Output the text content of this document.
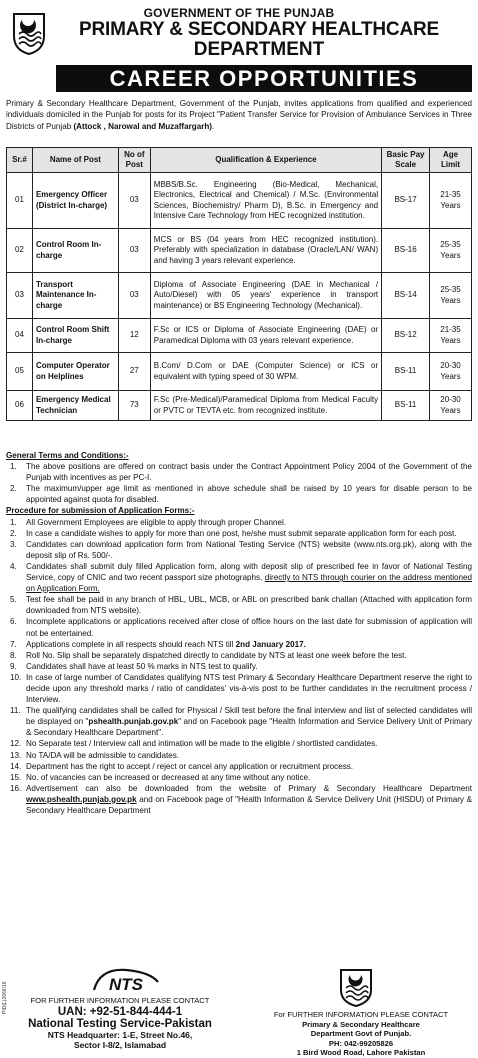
GOVERNMENT OF THE PUNJAB
PRIMARY & SECONDARY HEALTHCARE
DEPARTMENT
CAREER OPPORTUNITIES
Primary & Secondary Healthcare Department, Government of the Punjab, invites applications from qualified and experienced individuals domiciled in the Punjab for posts for its Project "Patient Transfer Service for Provision of Ambulance Services in Three Districts of Punjab (Attock , Narowal and Muzaffargarh).
Sr.#	Name of Post	No of Post	Qualification & Experience	Basic Pay Scale	Age Limit
01	Emergency Officer (District In-charge)	03	MBBS/B.Sc. Engineering (Bio-Medical, Mechanical, Electronics, Electrical and Chemical) / M.Sc. (Environmental Sciences, Biochemistry/ Pharm D), B.Sc. in Emergency and Intensive Care Technology from HEC recognized institution.	BS-17	21-35 Years
02	Control Room In-charge	03	MCS or BS (04 years from HEC recognized institution). Preferably with specialization in database (Oracle/LAN/ WAN) and having 3 years relevant experience.	BS-16	25-35 Years
03	Transport Maintenance In-charge	03	Diploma of Associate Engineering (DAE in Mechanical / Auto/Diesel) with 05 years' experience in transport maintenance) or BS Engineering Technology (Mechanical).	BS-14	25-35 Years
04	Control Room Shift In-charge	12	F.Sc or ICS or Diploma of Associate Engineering (DAE) or Paramedical Diploma with 03 years relevant experience.	BS-12	21-35 Years
05	Computer Operator on Helplines	27	B.Com/ D.Com or DAE (Computer Science) or ICS or equivalent with typing speed of 30 WPM.	BS-11	20-30 Years
06	Emergency Medical Technician	73	F.Sc (Pre-Medical)/Paramedical Diploma from Medical Faculty or PVTC or TEVTA etc. from recognized institute.	BS-11	20-30 Years
General Terms and Conditions:-
1.	The above positions are offered on contract basis under the Contract Appointment Policy 2004 of the Government of the Punjab with incentives as per PC-I.
2.	The maximum/upper age limit as mentioned in above schedule shall be raised by 10 years for disable person to be appointed against quota for disabled.
Procedure for submission of Application Forms:-
1.	All Government Employees are eligible to apply through proper Channel.
2.	In case a candidate wishes to apply for more than one post, he/she must submit separate application form for each post.
3.	Candidates can download application form from National Testing Service (NTS) website (www.nts.org.pk), along with the deposit slip of Rs. 500/-.
4.	Candidates shall submit duly filled Application form, along with deposit slip of prescribed fee in favor of National Testing Service, copy of CNIC and two recent passport size photographs, directly to NTS through courier on the address mentioned on Application Form.
5.	Test fee shall be paid in any branch of HBL, UBL, MCB, or ABL on prescribed bank challan (Attached with application form downloaded from NTS website).
6.	Incomplete applications or applications received after close of office hours on the last date for submission of application will not be entertained.
7.	Applications complete in all respects should reach NTS till 2nd January 2017.
8.	Roll No. Slip shall be separately dispatched directly to candidate by NTS at least one week before the test.
9.	Candidates shall have at least 50 % marks in NTS test to qualify.
10. In case of large number of Candidates qualifying NTS test Primary & Secondary Healthcare Department reserve the right to decide upon any threshold marks / ratio of candidates' vis-à-vis post to be further candidates in the recruitment process / Interview.
11. The qualifying candidates shall be called for Physical / Skill test before the final interview and list of selected candidates will be displayed on "pshealth.punjab.gov.pk" and on Facebook page "Health Information and Service Delivery Unit of Primary & Secondary Healthcare Department".
12. No Separate test / Interview call and intimation will be made to the eligible / shortlisted candidates.
13. No TA/DA will be admissible to candidates.
14. Department has the right to accept / reject or cancel any application or recruitment process.
15. No. of vacancies can be increased or decreased at any time without any notice.
16. Advertisement can also be downloaded from the website of Primary & Secondary Healthcare Department www.pshealth.punjab.gov.pk and on Facebook page of "Health Information & Service Delivery Unit (HISDU) of Primary & Secondary Healthcare Department
NTS
FOR FURTHER INFORMATION PLEASE CONTACT
UAN: +92-51-844-444-1
National Testing Service-Pakistan
NTS Headquarter: 1-E, Street No.46,
Sector I-8/2, Islamabad
For FURTHER INFORMATION PLEASE CONTACT
Primary & Secondary Healthcare
Department Govt of Punjab.
PH: 042-99205826
1 Bird Wood Road, Lahore Pakistan
PID(L)2666/16
